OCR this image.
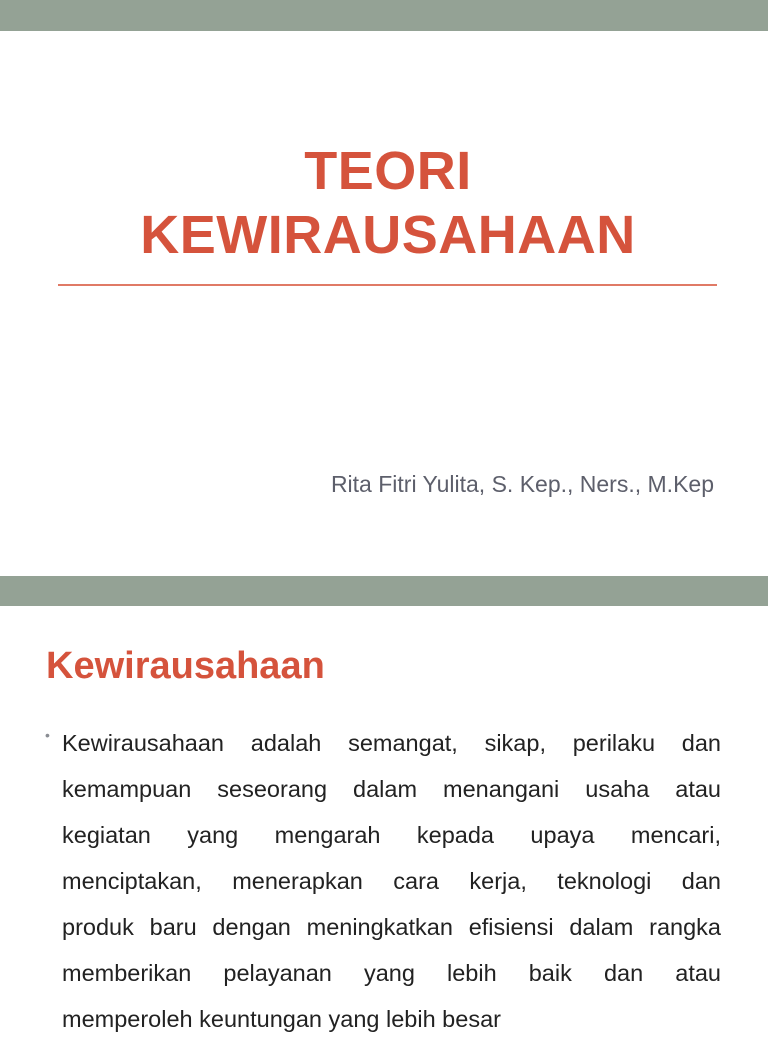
TEORI
KEWIRAUSAHAAN
Rita Fitri Yulita, S. Kep., Ners., M.Kep
Kewirausahaan
• Kewirausahaan adalah semangat, sikap, perilaku dan
kemampuan seseorang dalam menangani usaha atau
kegiatan yang mengarah kepada upaya mencari,
menciptakan, menerapkan cara kerja, teknologi dan
produk baru dengan meningkatkan efisiensi dalam rangka
memberikan pelayanan yang lebih baik dan atau
memperoleh keuntungan yang lebih besar
